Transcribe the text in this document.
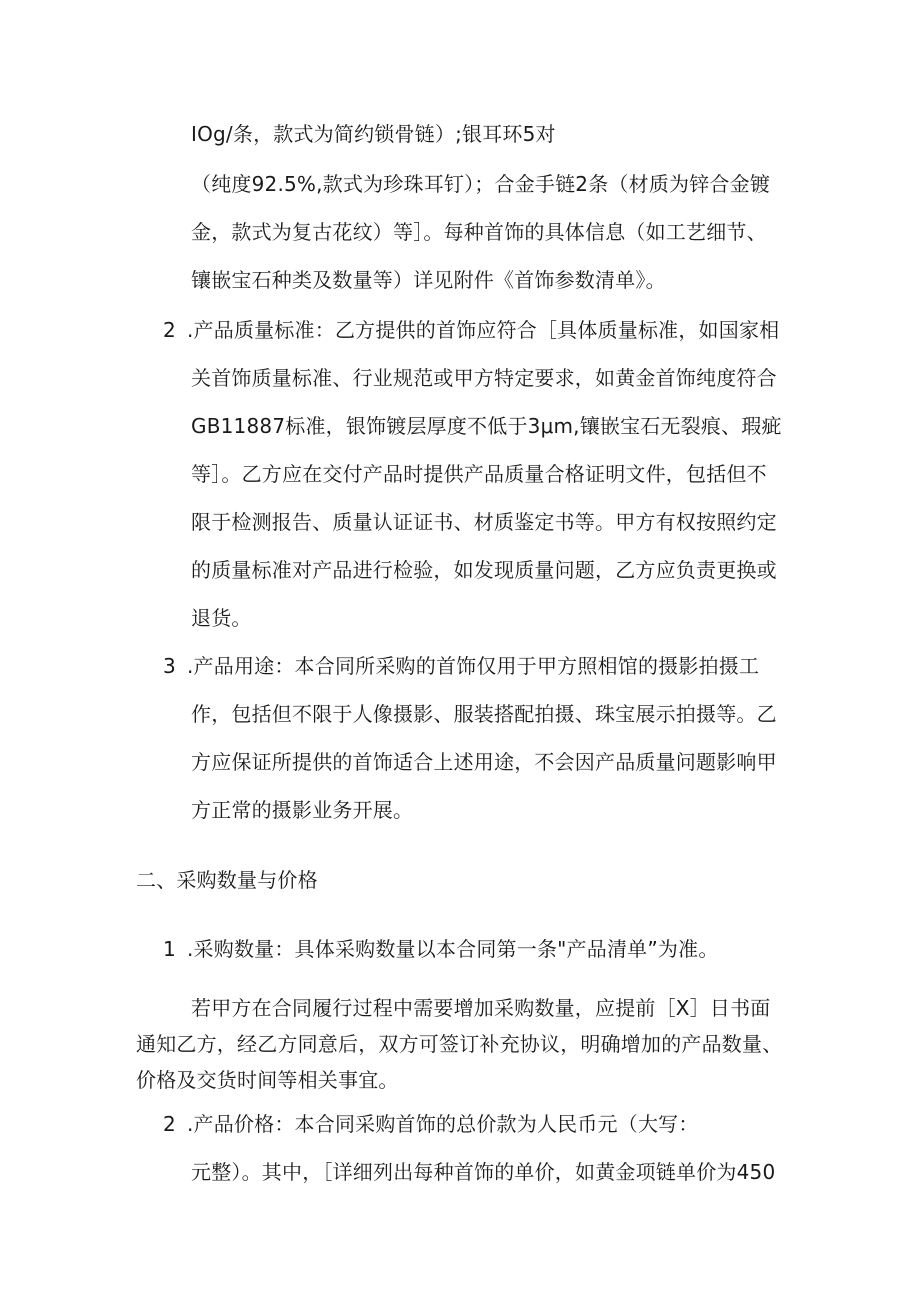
2
3
1
2
IOg/条，款式为简约锁骨链）;银耳环5对
（纯度92.5%,款式为珍珠耳钉）；合金手链2条（材质为锌合金镀
金，款式为复古花纹）等］。每种首饰的具体信息（如工艺细节、
镶嵌宝石种类及数量等）详见附件《首饰参数清单》。
.产品质量标准：乙方提供的首饰应符合［具体质量标准，如国家相
关首饰质量标准、行业规范或甲方特定要求，如黄金首饰纯度符合
GB11887标准，银饰镀层厚度不低于3μm,镶嵌宝石无裂痕、瑕疵
等］。乙方应在交付产品时提供产品质量合格证明文件，包括但不
限于检测报告、质量认证证书、材质鉴定书等。甲方有权按照约定
的质量标准对产品进行检验，如发现质量问题，乙方应负责更换或
退货。
.产品用途：本合同所采购的首饰仅用于甲方照相馆的摄影拍摄工
作，包括但不限于人像摄影、服装搭配拍摄、珠宝展示拍摄等。乙
方应保证所提供的首饰适合上述用途，不会因产品质量问题影响甲
方正常的摄影业务开展。
二、采购数量与价格
.采购数量：具体采购数量以本合同第一条"产品清单”为准。
若甲方在合同履行过程中需要增加采购数量，应提前［X］日书面
通知乙方，经乙方同意后，双方可签订补充协议，明确增加的产品数量、
价格及交货时间等相关事宜。
.产品价格：本合同采购首饰的总价款为人民币元（大写：
元整）。其中，［详细列出每种首饰的单价，如黄金项链单价为450
